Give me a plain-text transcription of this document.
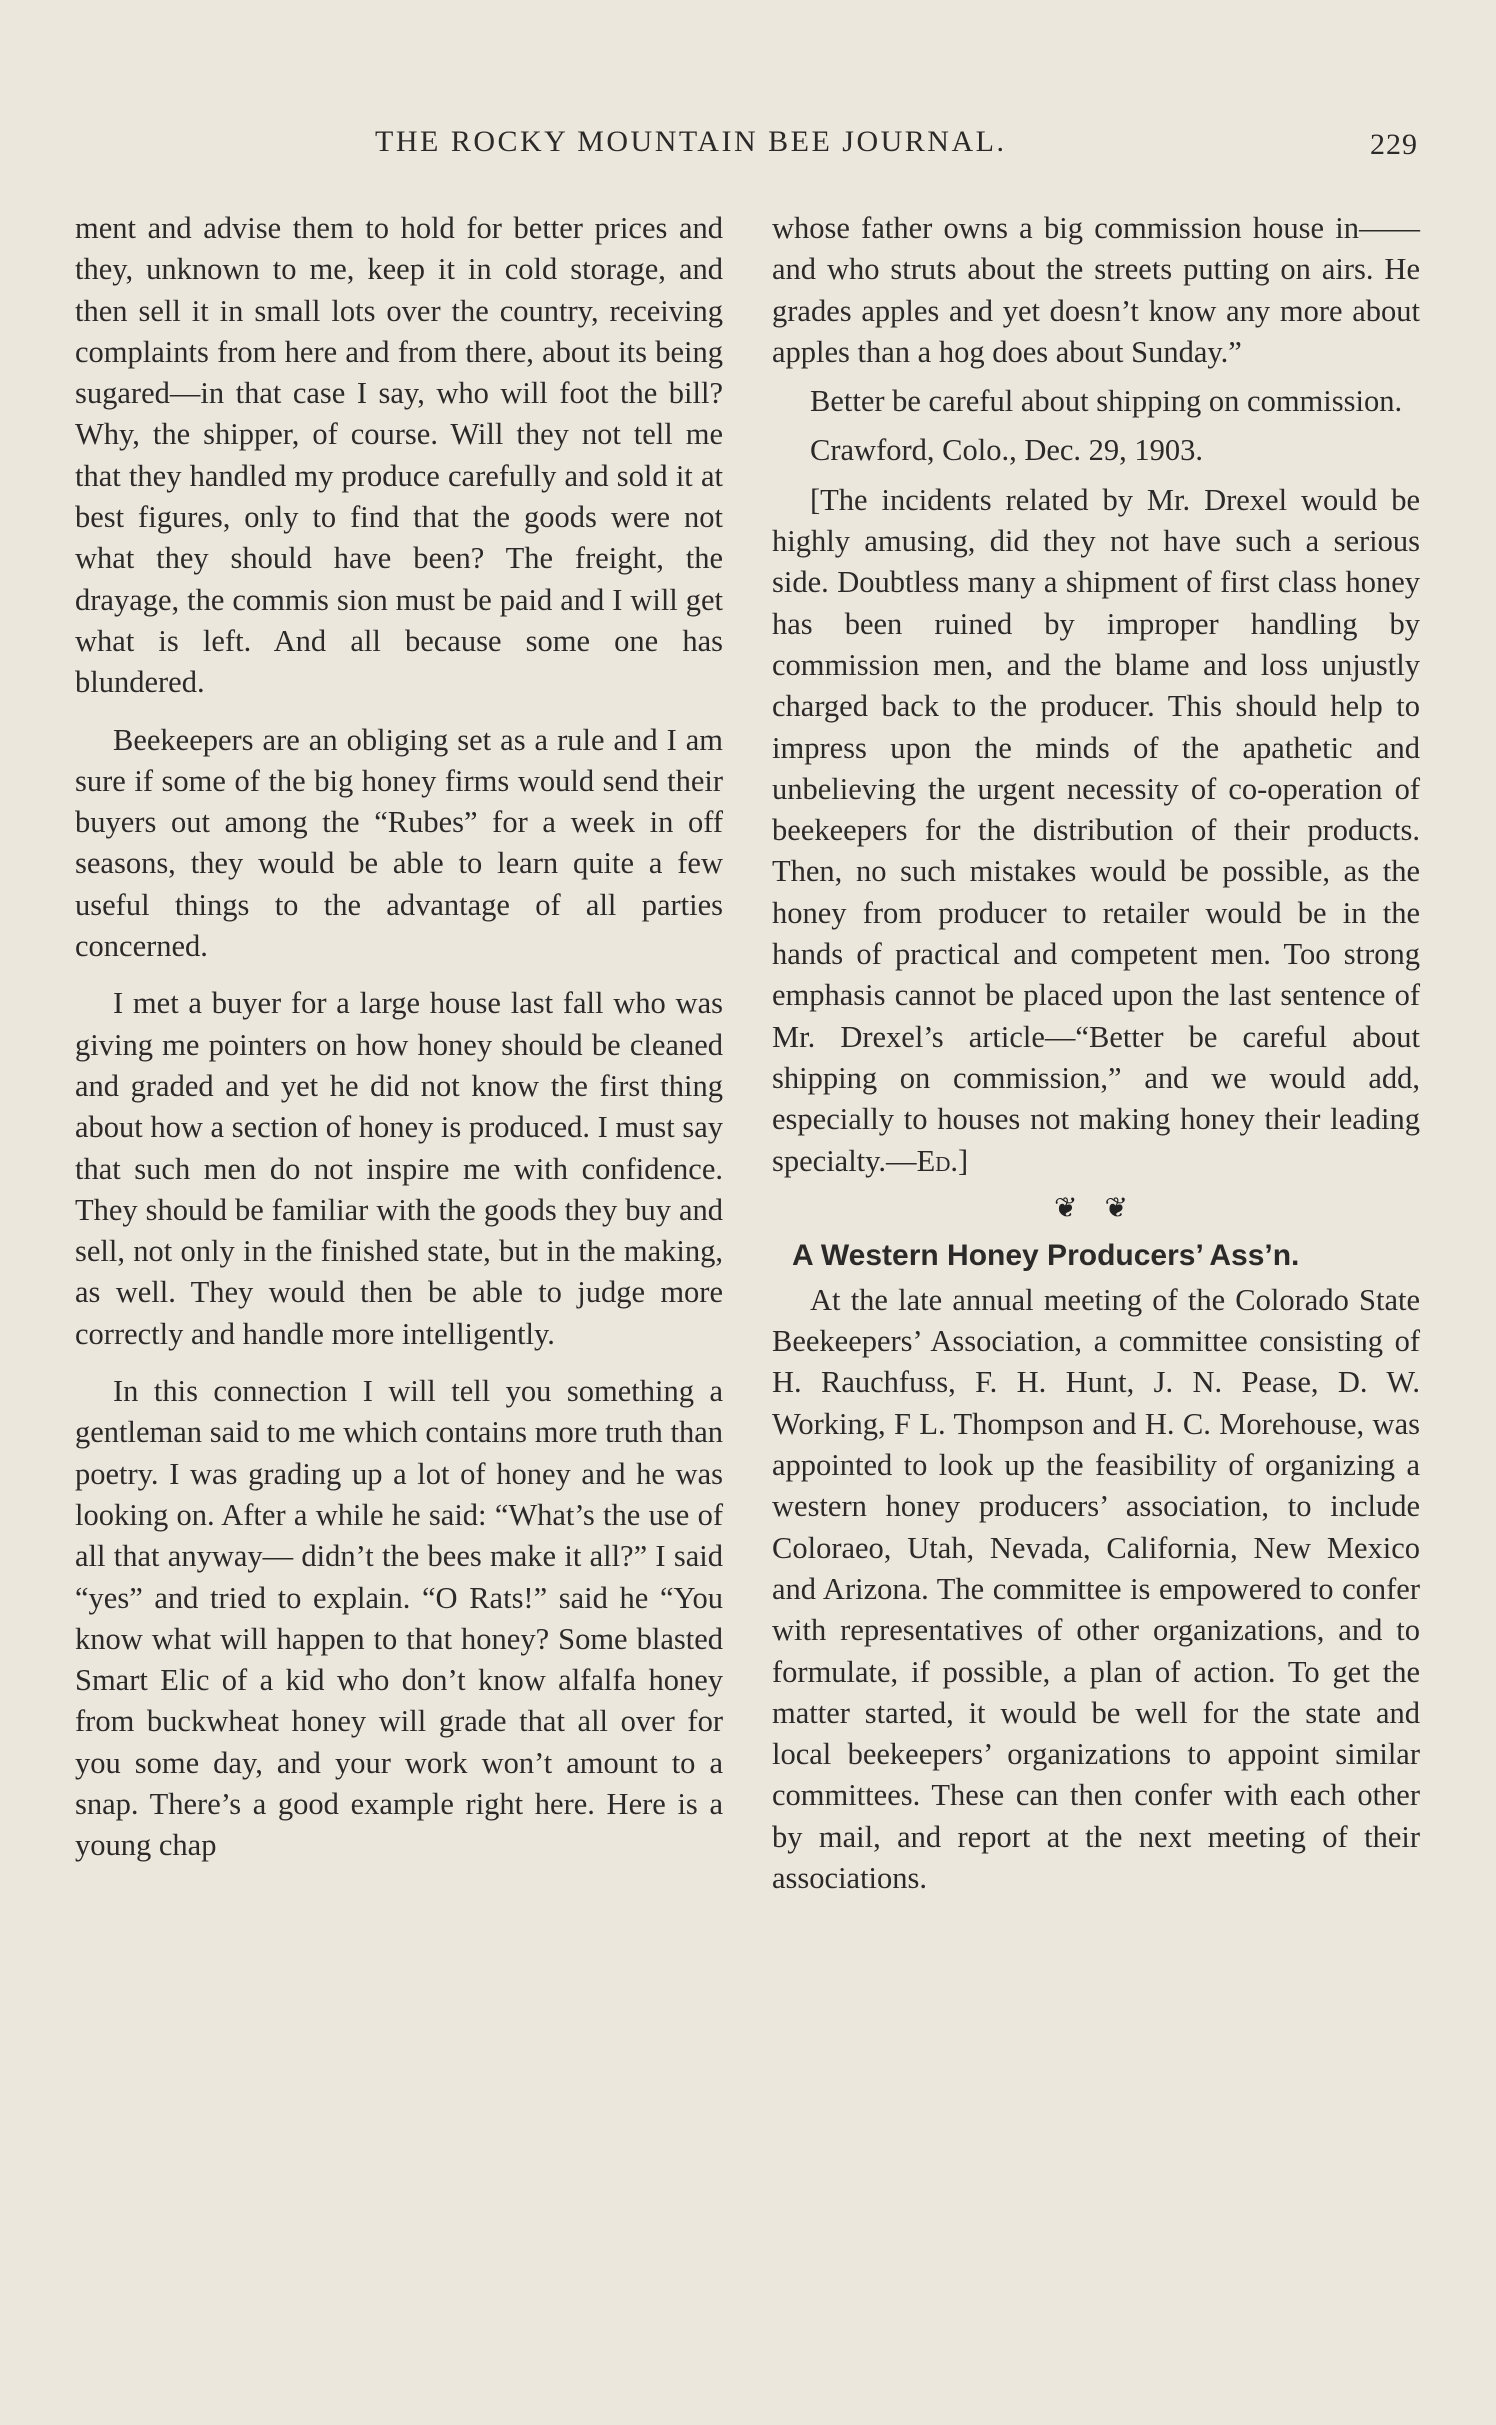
THE ROCKY MOUNTAIN BEE JOURNAL.	229

ment and advise them to hold for better prices and they, unknown to me, keep it in cold storage, and then sell it in small lots over the country, receiving complaints from here and from there, about its being sugared—in that case I say, who will foot the bill? Why, the shipper, of course. Will they not tell me that they handled my produce carefully and sold it at best figures, only to find that the goods were not what they should have been? The freight, the drayage, the commis sion must be paid and I will get what is left. And all because some one has blundered.

Beekeepers are an obliging set as a rule and I am sure if some of the big honey firms would send their buyers out among the “Rubes” for a week in off seasons, they would be able to learn quite a few useful things to the advantage of all parties concerned.

I met a buyer for a large house last fall who was giving me pointers on how honey should be cleaned and graded and yet he did not know the first thing about how a section of honey is produced. I must say that such men do not inspire me with confidence. They should be familiar with the goods they buy and sell, not only in the finished state, but in the making, as well. They would then be able to judge more correctly and handle more intelligently.

In this connection I will tell you something a gentleman said to me which contains more truth than poetry. I was grading up a lot of honey and he was looking on. After a while he said: “What’s the use of all that anyway— didn’t the bees make it all?” I said “yes” and tried to explain. “O Rats!” said he “You know what will happen to that honey? Some blasted Smart Elic of a kid who don’t know alfalfa honey from buckwheat honey will grade that all over for you some day, and your work won’t amount to a snap. There’s a good example right here. Here is a young chap

whose father owns a big commission house in——and who struts about the streets putting on airs. He grades apples and yet doesn’t know any more about apples than a hog does about Sunday.”

Better be careful about shipping on commission.

Crawford, Colo., Dec. 29, 1903.

[The incidents related by Mr. Drexel would be highly amusing, did they not have such a serious side. Doubtless many a shipment of first class honey has been ruined by improper handling by commission men, and the blame and loss unjustly charged back to the producer. This should help to impress upon the minds of the apathetic and unbelieving the urgent necessity of co-operation of beekeepers for the distribution of their products. Then, no such mistakes would be possible, as the honey from producer to retailer would be in the hands of practical and competent men. Too strong emphasis cannot be placed upon the last sentence of Mr. Drexel’s article—“Better be careful about shipping on commission,” and we would add, especially to houses not making honey their leading specialty.—Ed.]

❦ ❦
A Western Honey Producers’ Ass’n.

At the late annual meeting of the Colorado State Beekeepers’ Association, a committee consisting of H. Rauchfuss, F. H. Hunt, J. N. Pease, D. W. Working, F L. Thompson and H. C. Morehouse, was appointed to look up the feasibility of organizing a western honey producers’ association, to include Coloraeo, Utah, Nevada, California, New Mexico and Arizona. The committee is empowered to confer with representatives of other organizations, and to formulate, if possible, a plan of action. To get the matter started, it would be well for the state and local beekeepers’ organizations to appoint similar committees. These can then confer with each other by mail, and report at the next meeting of their associations.
